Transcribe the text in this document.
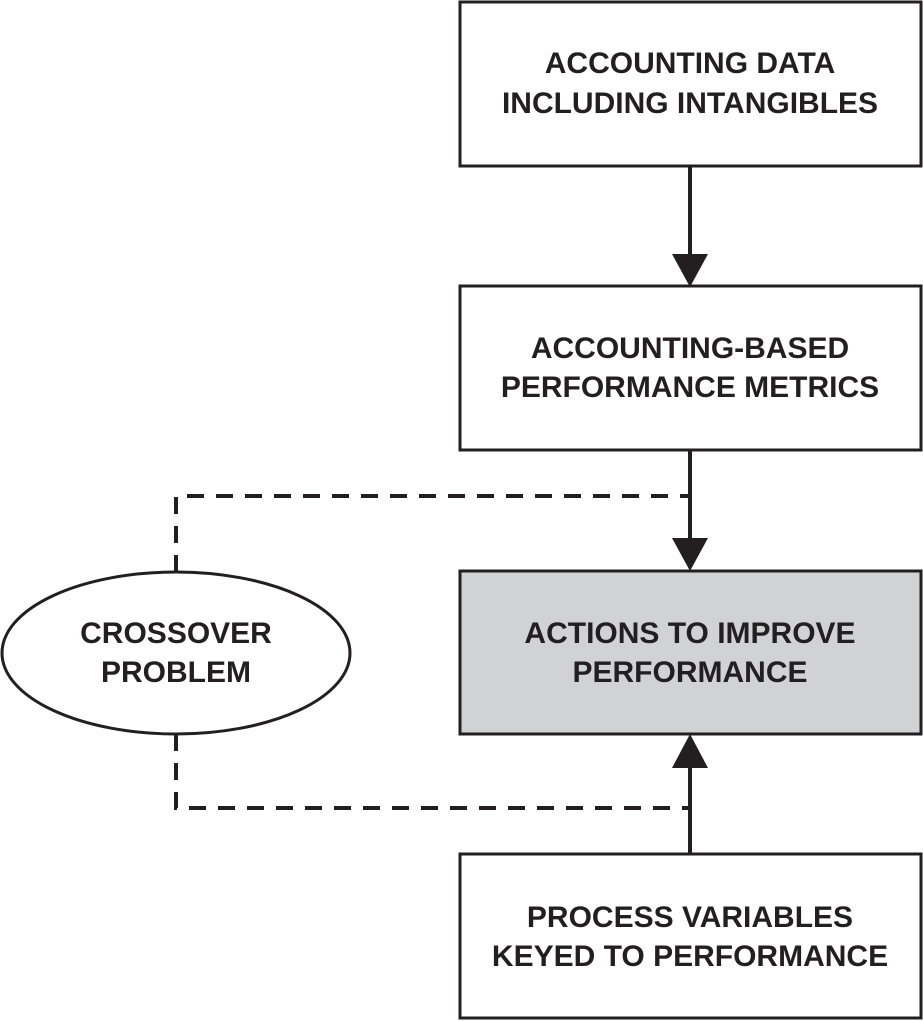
ACCOUNTING DATA
INCLUDING INTANGIBLES
ACCOUNTING-BASED
PERFORMANCE METRICS
ACTIONS TO IMPROVE
PERFORMANCE
PROCESS VARIABLES
KEYED TO PERFORMANCE
CROSSOVER
PROBLEM
